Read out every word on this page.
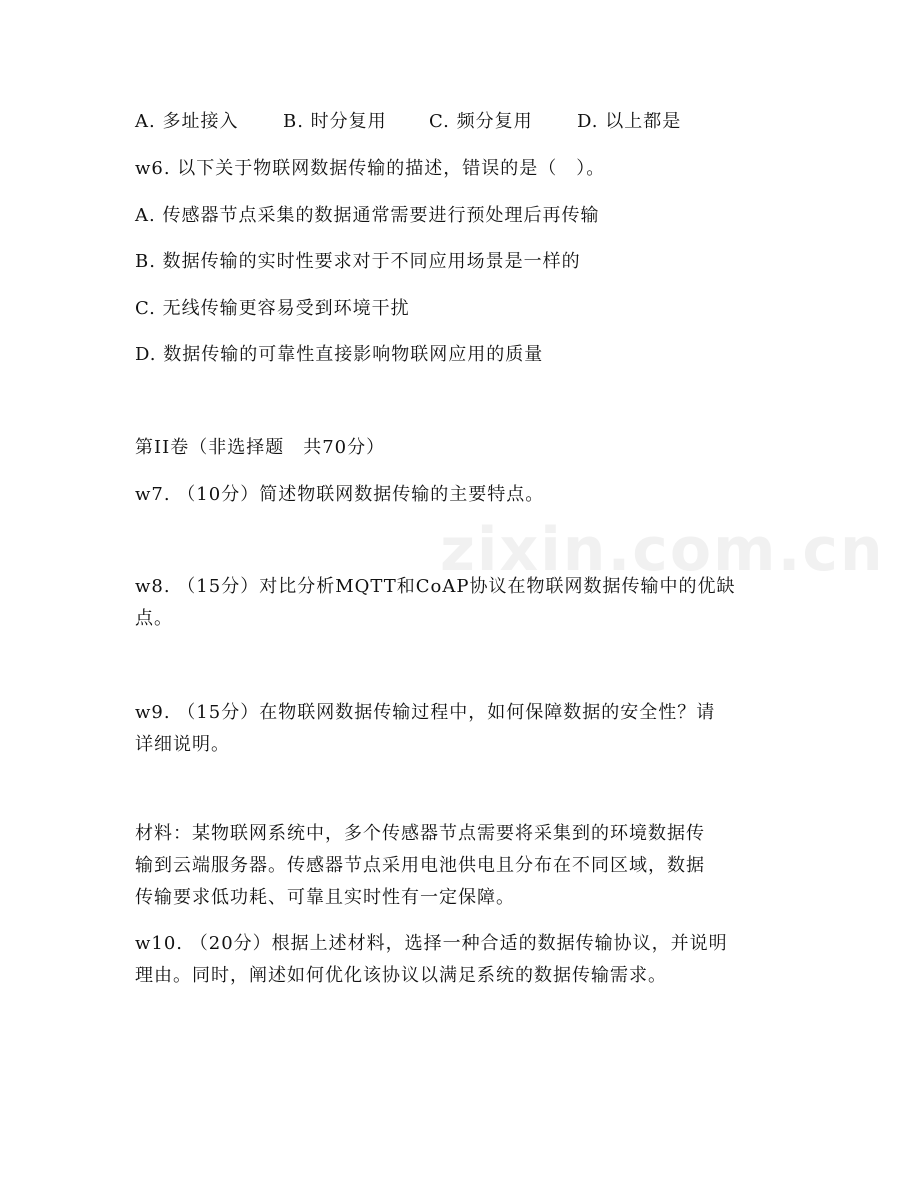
zixin.com.cn
A. 多址接入 B. 时分复用 C. 频分复用 D. 以上都是
w6. 以下关于物联网数据传输的描述，错误的是（　）。
A. 传感器节点采集的数据通常需要进行预处理后再传输
B. 数据传输的实时性要求对于不同应用场景是一样的
C. 无线传输更容易受到环境干扰
D. 数据传输的可靠性直接影响物联网应用的质量
第II卷（非选择题　共70分）
w7. （10分）简述物联网数据传输的主要特点。
w8. （15分）对比分析MQTT和CoAP协议在物联网数据传输中的优缺
点。
w9. （15分）在物联网数据传输过程中，如何保障数据的安全性？请
详细说明。
材料：某物联网系统中，多个传感器节点需要将采集到的环境数据传
输到云端服务器。传感器节点采用电池供电且分布在不同区域，数据
传输要求低功耗、可靠且实时性有一定保障。
w10. （20分）根据上述材料，选择一种合适的数据传输协议，并说明
理由。同时，阐述如何优化该协议以满足系统的数据传输需求。
